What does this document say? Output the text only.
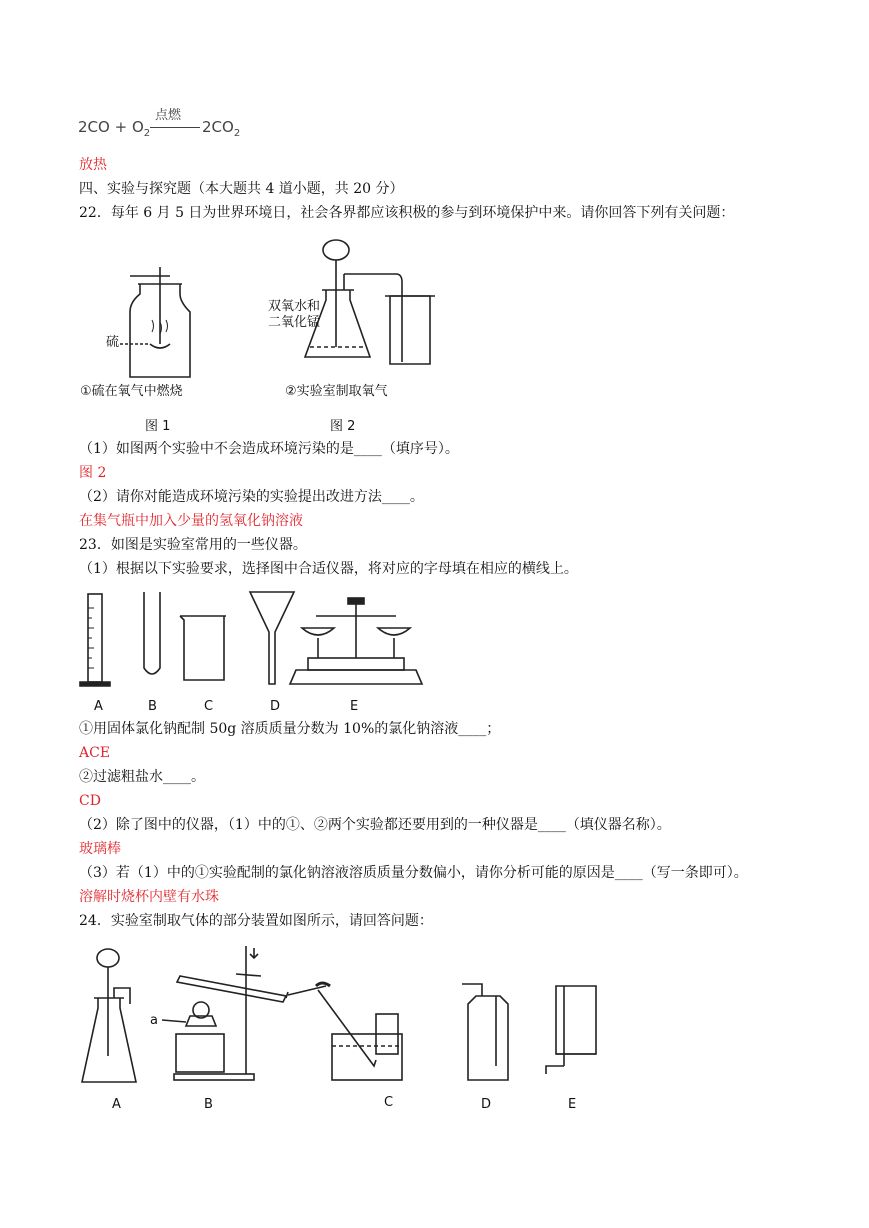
$2CO + O_2$
点燃
$2CO_2$
放热
四、实验与探究题（本大题共 4 道小题，共 20 分）
22．每年 6 月 5 日为世界环境日，社会各界都应该积极的参与到环境保护中来。请你回答下列有关问题：
硫
①硫在氧气中燃烧
图 1
双氧水和
二氧化锰
②实验室制取氧气
图 2
（1）如图两个实验中不会造成环境污染的是____（填序号）。
图 2
（2）请你对能造成环境污染的实验提出改进方法____。
在集气瓶中加入少量的氢氧化钠溶液
23．如图是实验室常用的一些仪器。
（1）根据以下实验要求，选择图中合适仪器，将对应的字母填在相应的横线上。
A	B	C	D	E
①用固体氯化钠配制 50g 溶质质量分数为 10%的氯化钠溶液____；
ACE
②过滤粗盐水____。
CD
（2）除了图中的仪器，（1）中的①、②两个实验都还要用到的一种仪器是____（填仪器名称）。
玻璃棒
（3）若（1）中的①实验配制的氯化钠溶液溶质质量分数偏小，请你分析可能的原因是____（写一条即可）。
溶解时烧杯内壁有水珠
24．实验室制取气体的部分装置如图所示，请回答问题：
a
A	B	C	D	E
